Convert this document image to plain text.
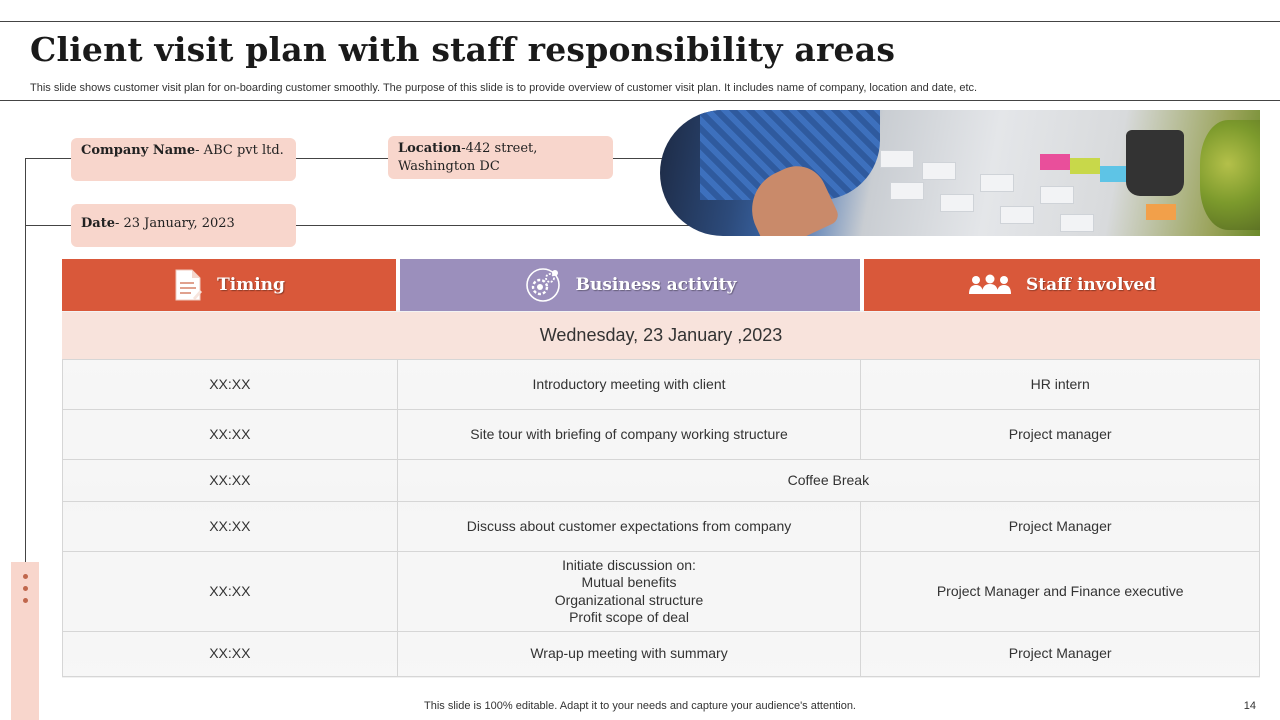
Client visit plan with staff responsibility areas

This slide shows customer visit plan for on-boarding customer smoothly. The purpose of this slide is to provide overview of customer visit plan. It includes name of company, location and date, etc.

Company Name- ABC pvt ltd.	Location-442 street, Washington DC
Date- 23 January, 2023
Timing	Business activity	Staff involved
Wednesday, 23 January ,2023
XX:XX	Introductory meeting with client	HR intern
XX:XX	Site tour with briefing of company working structure	Project manager
XX:XX	Coffee Break	
XX:XX	Discuss about customer expectations from company	Project Manager
XX:XX	Initiate discussion on:
Mutual benefits
Organizational structure
Profit scope of deal	Project Manager and Finance executive
XX:XX	Wrap-up meeting with summary	Project Manager
This slide is 100% editable. Adapt it to your needs and capture your audience's attention.	14
